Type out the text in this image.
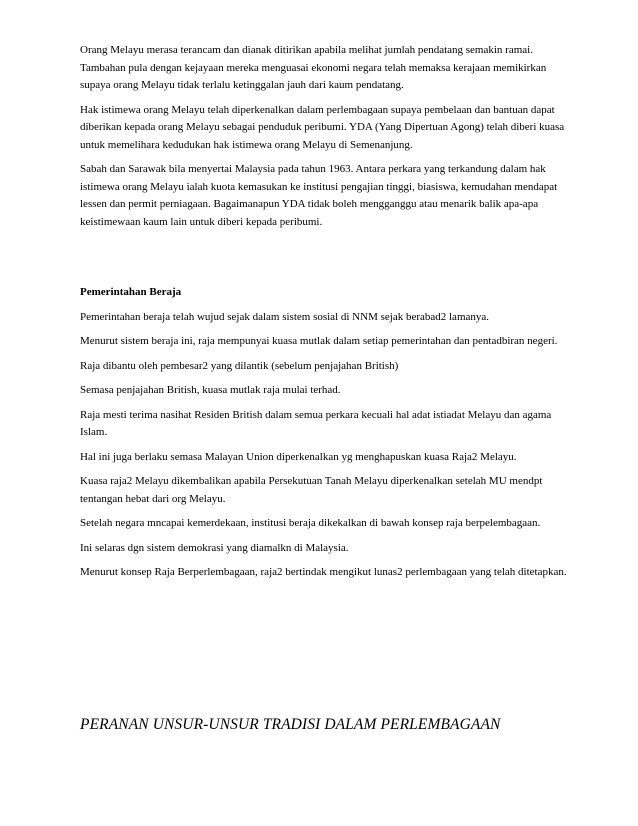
Orang Melayu merasa terancam dan dianak ditirikan apabila melihat jumlah pendatang semakin ramai. Tambahan pula dengan kejayaan mereka menguasai ekonomi negara telah memaksa kerajaan memikirkan supaya orang Melayu tidak terlalu ketinggalan jauh dari kaum pendatang.

Hak istimewa orang Melayu telah diperkenalkan dalam perlembagaan supaya pembelaan dan bantuan dapat diberikan kepada orang Melayu sebagai penduduk peribumi. YDA (Yang Dipertuan Agong) telah diberi kuasa untuk memelihara kedudukan hak istimewa orang Melayu di Semenanjung.

Sabah dan Sarawak bila menyertai Malaysia pada tahun 1963. Antara perkara yang terkandung dalam hak istimewa orang Melayu ialah kuota kemasukan ke institusi pengajian tinggi, biasiswa, kemudahan mendapat lessen dan permit perniagaan. Bagaimanapun YDA tidak boleh mengganggu atau menarik balik apa-apa keistimewaan kaum lain untuk diberi kepada peribumi.

Pemerintahan Beraja

Pemerintahan beraja telah wujud sejak dalam sistem sosial di NNM sejak berabad2 lamanya.

Menurut sistem beraja ini, raja mempunyai kuasa mutlak dalam setiap pemerintahan dan pentadbiran negeri.

Raja dibantu oleh pembesar2 yang dilantik (sebelum penjajahan British)

Semasa penjajahan British, kuasa mutlak raja mulai terhad.

Raja mesti terima nasihat Residen British dalam semua perkara kecuali hal adat istiadat Melayu dan agama Islam.

Hal ini juga berlaku semasa Malayan Union diperkenalkan yg menghapuskan kuasa Raja2 Melayu.

Kuasa raja2 Melayu dikembalikan apabila Persekutuan Tanah Melayu diperkenalkan setelah MU mendpt tentangan hebat dari org Melayu.

Setelah negara mncapai kemerdekaan, institusi beraja dikekalkan di bawah konsep raja berpelembagaan.

Ini selaras dgn sistem demokrasi yang diamalkn di Malaysia.

Menurut konsep Raja Berperlembagaan, raja2 bertindak mengikut lunas2 perlembagaan yang telah ditetapkan.

PERANAN UNSUR-UNSUR TRADISI DALAM PERLEMBAGAAN
